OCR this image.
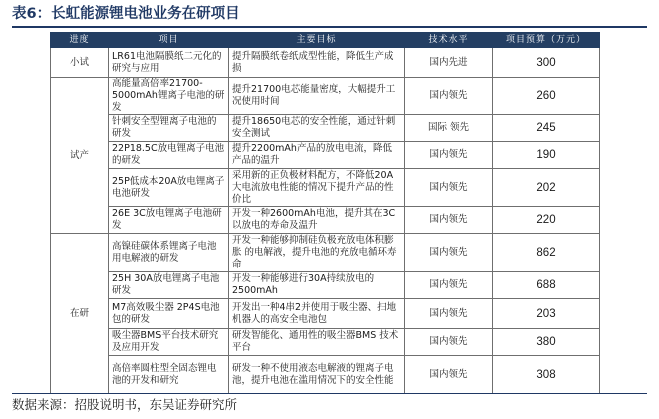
表6：长虹能源锂电池业务在研项目
进度	项目	主要目标	技术水平	项目预算（万元）
小试	LR61电池隔膜纸二元化的研究与应用	提升隔膜纸卷纸成型性能，降低生产成损	国内先进	300
试产	高能量高倍率21700-5000mAh锂离子电池的研发	提升21700电芯能量密度，大幅提升工况使用时间	国内领先	260
	针刺安全型锂离子电池的研发	提升18650电芯的安全性能，通过针刺安全测试	国际 领先	245
	22P18.5C放电锂离子电池的研发	提升2200mAh产品的放电电流，降低产品的温升	国内领先	190
	25P低成本20A放电锂离子电池研发	采用新的正负极材料配方，不降低20A大电流放电性能的情况下提升产品的性价比	国内领先	202
	26E 3C放电锂离子电池研发	开发一种2600mAh电池，提升其在3C以放电的寿命及温升	国内领先	220
在研	高镍硅碳体系锂离子电池用电解液的研发	开发一种能够抑制硅负极充放电体积膨胀 的电解液，提升电池的充放电循环寿命	国内领先	862
	25H 30A放电锂离子电池研发	开发一种能够进行30A持续放电的2500mAh	国内领先	688
	M7高效吸尘器 2P4S电池包的研发	开发出一种4串2并使用于吸尘器、扫地机器人的高安全电池包	国内领先	203
	吸尘器BMS平台技术研究及应用开发	研发智能化、通用性的吸尘器BMS 技术平台	国内领先	380
	高倍率圆柱型全固态锂电池的开发和研究	研发一种不使用液态电解液的锂离子电池，提升电池在滥用情况下的安全性能	国内领先	308
数据来源：招股说明书，东吴证券研究所
